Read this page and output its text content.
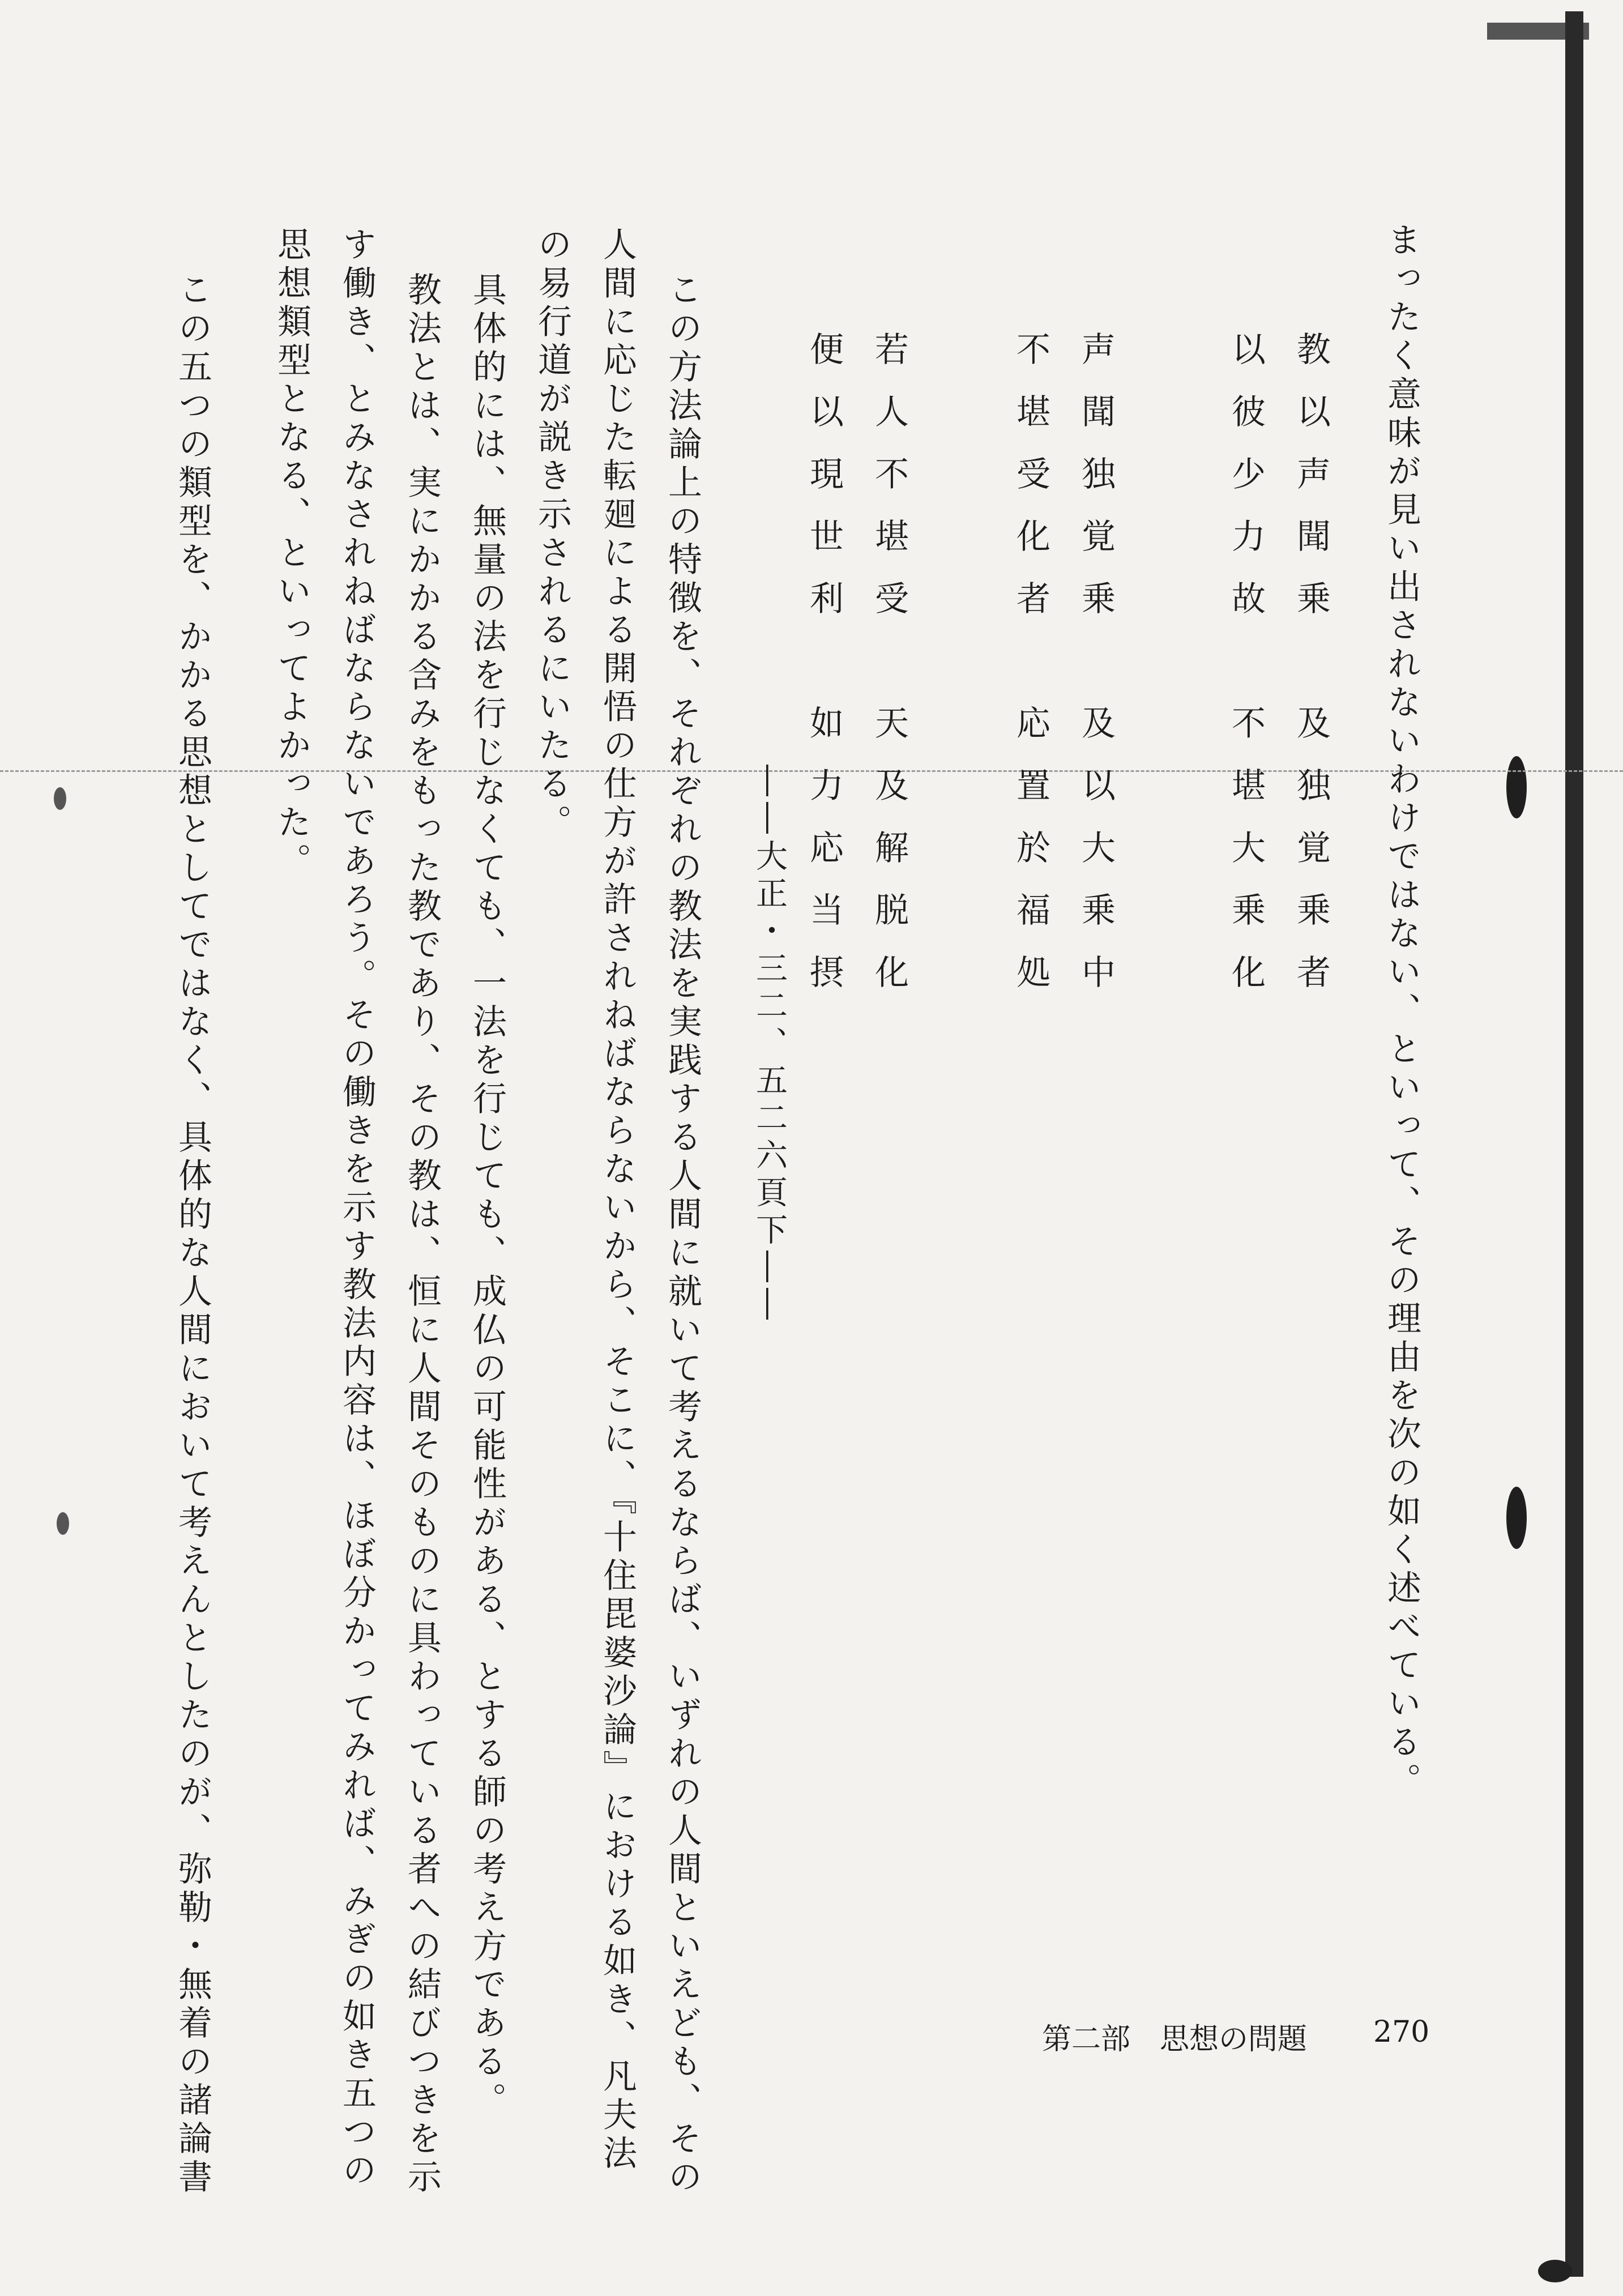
まったく意味が見い出されないわけではない、といって、その理由を次の如く述べている。
教以声聞乗　及独覚乗者
以彼少力故　不堪大乗化
声聞独覚乗　及以大乗中
不堪受化者　応置於福処
若人不堪受　天及解脱化
便以現世利　如力応当摂
――大正・三二、五二六頁下――
この方法論上の特徴を、それぞれの教法を実践する人間に就いて考えるならば、いずれの人間といえども、その
人間に応じた転廻による開悟の仕方が許されねばならないから、そこに、『十住毘婆沙論』における如き、凡夫法
の易行道が説き示されるにいたる。
具体的には、無量の法を行じなくても、一法を行じても、成仏の可能性がある、とする師の考え方である。
教法とは、実にかかる含みをもった教であり、その教は、恒に人間そのものに具わっている者への結びつきを示
す働き、とみなされねばならないであろう。その働きを示す教法内容は、ほぼ分かってみれば、みぎの如き五つの
思想類型となる、といってよかった。
この五つの類型を、かかる思想としてではなく、具体的な人間において考えんとしたのが、弥勒・無着の諸論書	第二部　思想の問題 270
